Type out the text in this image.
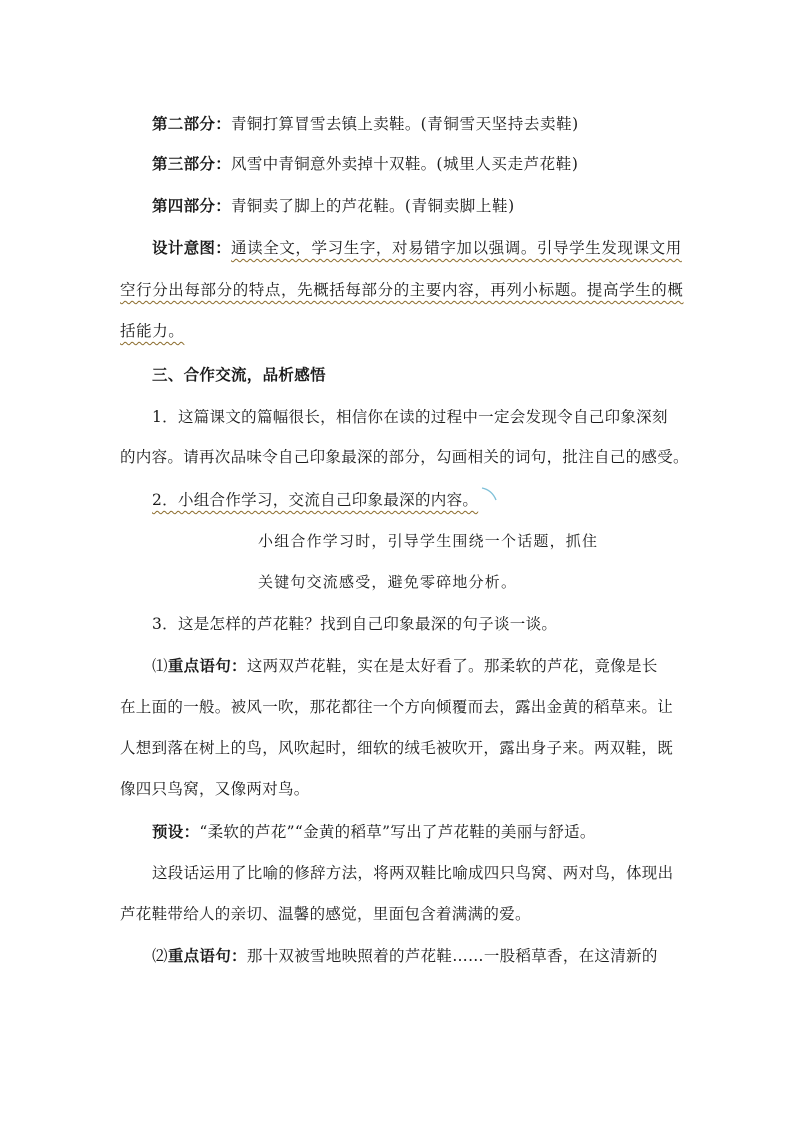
第二部分：青铜打算冒雪去镇上卖鞋。(青铜雪天坚持去卖鞋)
第三部分：风雪中青铜意外卖掉十双鞋。(城里人买走芦花鞋)
第四部分：青铜卖了脚上的芦花鞋。(青铜卖脚上鞋)
设计意图：通读全文，学习生字，对易错字加以强调。引导学生发现课文用
空行分出每部分的特点，先概括每部分的主要内容，再列小标题。提高学生的概
括能力。
三、合作交流，品析感悟
1．这篇课文的篇幅很长，相信你在读的过程中一定会发现令自己印象深刻
的内容。请再次品味令自己印象最深的部分，勾画相关的词句，批注自己的感受。
2．小组合作学习，交流自己印象最深的内容。
小组合作学习时，引导学生围绕一个话题，抓住
关键句交流感受，避免零碎地分析。
3．这是怎样的芦花鞋？找到自己印象最深的句子谈一谈。
⑴重点语句：这两双芦花鞋，实在是太好看了。那柔软的芦花，竟像是长
在上面的一般。被风一吹，那花都往一个方向倾覆而去，露出金黄的稻草来。让
人想到落在树上的鸟，风吹起时，细软的绒毛被吹开，露出身子来。两双鞋，既
像四只鸟窝，又像两对鸟。
预设：“柔软的芦花”“金黄的稻草”写出了芦花鞋的美丽与舒适。
这段话运用了比喻的修辞方法，将两双鞋比喻成四只鸟窝、两对鸟，体现出
芦花鞋带给人的亲切、温馨的感觉，里面包含着满满的爱。
⑵重点语句：那十双被雪地映照着的芦花鞋……一股稻草香，在这清新的
